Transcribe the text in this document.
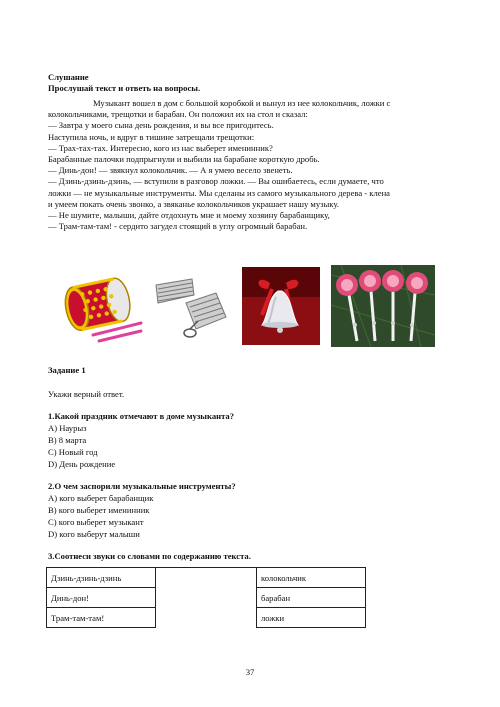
Слушание
Прослушай текст и ответь на вопросы.
Музыкант вошел в дом с большой коробкой и вынул из нее колокольчик, ложки с
колокольчиками, трещотки и барабан. Он положил их на стол и сказал:
— Завтра у моего сына день рождения, и вы все пригодитесь.
Наступила ночь, и вдруг в тишине затрещали трещотки:
— Трах-тах-тах. Интересно, кого из нас выберет именинник?
Барабанные палочки подпрыгнули и выбили на барабане короткую дробь.
— Динь-дон! — звякнул колокольчик. — А я умею весело звенеть.
— Дзинь-дзинь-дзинь, — вступили в разговор ложки. — Вы ошибаетесь, если думаете, что
ложки — не музыкальные инструменты. Мы сделаны из самого музыкального дерева - клена
и умеем покать очень звонко, а звяканье колокольчиков украшает нашу музыку.
— Не шумите, малыши, дайте отдохнуть мне и моему хозяину барабанщику,
— Трам-там-там! - сердито загудел стоящий в углу огромный барабан.
Задание 1
Укажи верный ответ.
1.Какой праздник отмечают в доме музыканта?
A) Наурыз
B) 8 марта
C) Новый год
D) День рождение
2.О чем заспорили музыкальные инструменты?
A) кого выберет барабанщик
B) кого выберет именинник
C) кого выберет музыкант
D) кого выберут малыши
3.Соотнеси звуки со словами по содержанию текста.
Дзинь-дзинь-дзинь		колокольчик
Динь-дон!		барабан
Трам-там-там!		ложки
37
